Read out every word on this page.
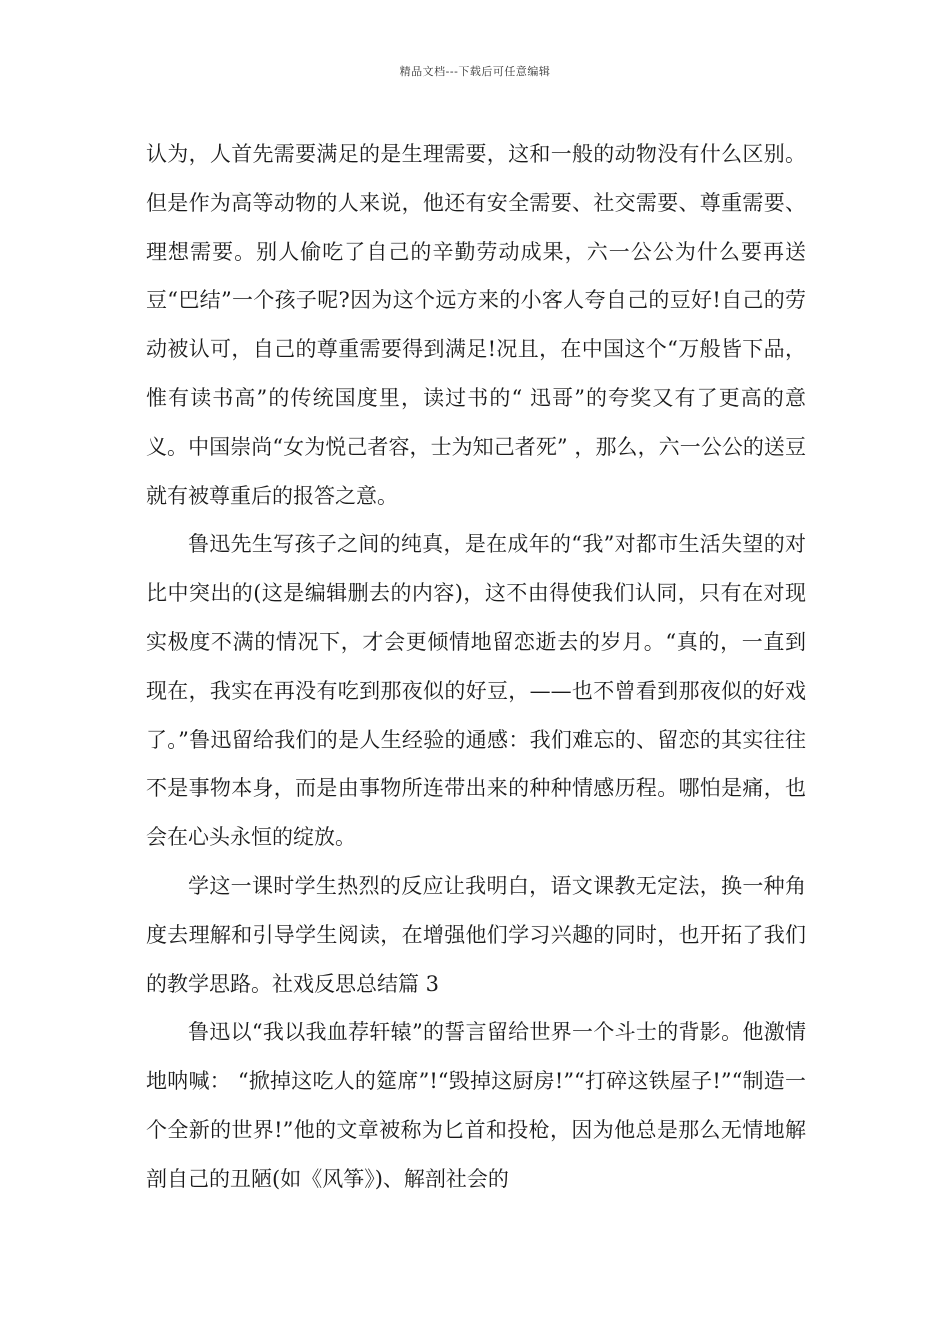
精品文档---下载后可任意编辑

认为，人首先需要满足的是生理需要，这和一般的动物没有什么区别。但是作为高等动物的人来说，他还有安全需要、社交需要、尊重需要、理想需要。别人偷吃了自己的辛勤劳动成果，六一公公为什么要再送豆“巴结”一个孩子呢?因为这个远方来的小客人夸自己的豆好!自己的劳动被认可，自己的尊重需要得到满足!况且，在中国这个“万般皆下品，惟有读书高”的传统国度里，读过书的“ 迅哥”的夸奖又有了更高的意义。中国崇尚“女为悦己者容，士为知己者死” ，那么，六一公公的送豆就有被尊重后的报答之意。

鲁迅先生写孩子之间的纯真，是在成年的“我”对都市生活失望的对比中突出的(这是编辑删去的内容)，这不由得使我们认同，只有在对现实极度不满的情况下，才会更倾情地留恋逝去的岁月。“真的，一直到现在，我实在再没有吃到那夜似的好豆，——也不曾看到那夜似的好戏了。”鲁迅留给我们的是人生经验的通感：我们难忘的、留恋的其实往往不是事物本身，而是由事物所连带出来的种种情感历程。哪怕是痛，也会在心头永恒的绽放。

学这一课时学生热烈的反应让我明白，语文课教无定法，换一种角度去理解和引导学生阅读，在增强他们学习兴趣的同时，也开拓了我们的教学思路。社戏反思总结篇 3

鲁迅以“我以我血荐轩辕”的誓言留给世界一个斗士的背影。他激情地呐喊： “掀掉这吃人的筵席”!“毁掉这厨房!”“打碎这铁屋子!”“制造一个全新的世界!”他的文章被称为匕首和投枪，因为他总是那么无情地解剖自己的丑陋(如《风筝》)、解剖社会的
